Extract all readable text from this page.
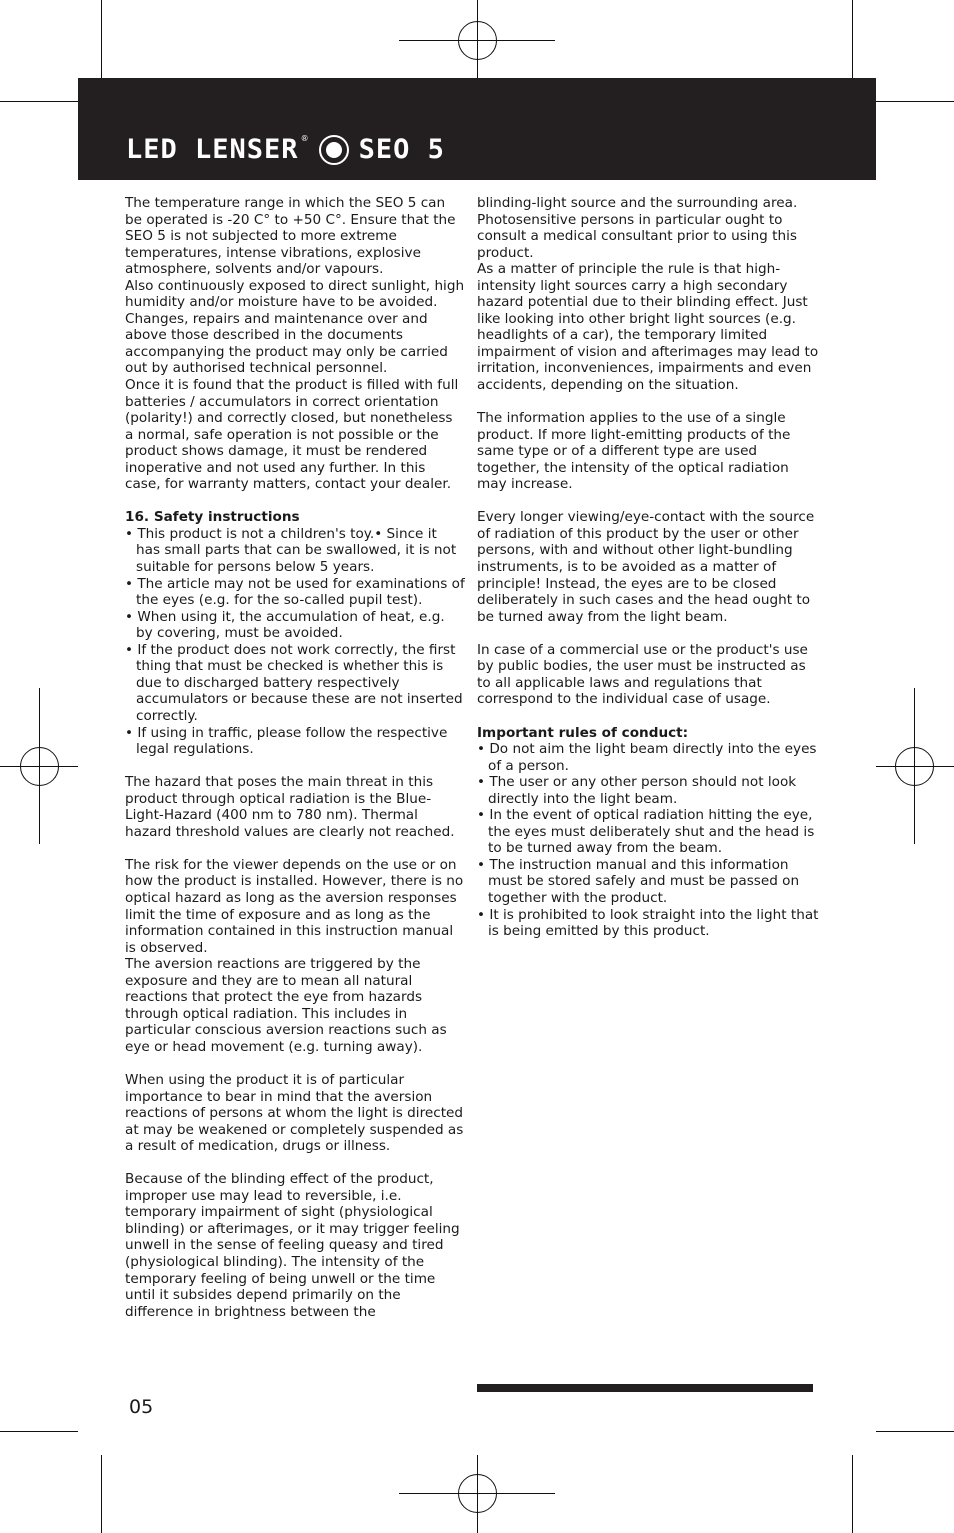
LED LENSER ® SEO 5

The temperature range in which the SEO 5 can be operated is -20 C° to +50 C°. Ensure that the SEO 5 is not subjected to more extreme temperatures, intense vibrations, explosive atmosphere, solvents and/or vapours.

Also continuously exposed to direct sunlight, high humidity and/or moisture have to be avoided.

Changes, repairs and maintenance over and above those described in the documents accompanying the product may only be carried out by authorised technical personnel.

Once it is found that the product is filled with full batteries / accumulators in correct orientation (polarity!) and correctly closed, but nonetheless a normal, safe operation is not possible or the product shows damage, it must be rendered inoperative and not used any further. In this case, for warranty matters, contact your dealer.

16. Safety instructions

• This product is not a children's toy.• Since it has small parts that can be swallowed, it is not suitable for persons below 5 years.
• The article may not be used for examinations of the eyes (e.g. for the so-called pupil test).
• When using it, the accumulation of heat, e.g. by covering, must be avoided.
• If the product does not work correctly, the first thing that must be checked is whether this is due to discharged battery respectively accumulators or because these are not inserted correctly.
• If using in traffic, please follow the respective legal regulations.

The hazard that poses the main threat in this product through optical radiation is the Blue-Light-Hazard (400 nm to 780 nm). Thermal hazard threshold values are clearly not reached.

The risk for the viewer depends on the use or on how the product is installed. However, there is no optical hazard as long as the aversion responses limit the time of exposure and as long as the information contained in this instruction manual is observed.

The aversion reactions are triggered by the exposure and they are to mean all natural reactions that protect the eye from hazards through optical radiation. This includes in particular conscious aversion reactions such as eye or head movement (e.g. turning away).

When using the product it is of particular importance to bear in mind that the aversion reactions of persons at whom the light is directed at may be weakened or completely suspended as a result of medication, drugs or illness.

Because of the blinding effect of the product, improper use may lead to reversible, i.e. temporary impairment of sight (physiological blinding) or afterimages, or it may trigger feeling unwell in the sense of feeling queasy and tired (physiological blinding). The intensity of the temporary feeling of being unwell or the time until it subsides depend primarily on the difference in brightness between the

blinding-light source and the surrounding area. Photosensitive persons in particular ought to consult a medical consultant prior to using this product.

As a matter of principle the rule is that high-intensity light sources carry a high secondary hazard potential due to their blinding effect. Just like looking into other bright light sources (e.g. headlights of a car), the temporary limited impairment of vision and afterimages may lead to irritation, inconveniences, impairments and even accidents, depending on the situation.

The information applies to the use of a single product. If more light-emitting products of the same type or of a different type are used together, the intensity of the optical radiation may increase.

Every longer viewing/eye-contact with the source of radiation of this product by the user or other persons, with and without other light-bundling instruments, is to be avoided as a matter of principle! Instead, the eyes are to be closed deliberately in such cases and the head ought to be turned away from the light beam.

In case of a commercial use or the product's use by public bodies, the user must be instructed as to all applicable laws and regulations that correspond to the individual case of usage.

Important rules of conduct:

• Do not aim the light beam directly into the eyes of a person.
• The user or any other person should not look directly into the light beam.
• In the event of optical radiation hitting the eye, the eyes must deliberately shut and the head is to be turned away from the beam.
• The instruction manual and this information must be stored safely and must be passed on together with the product.
• It is prohibited to look straight into the light that is being emitted by this product.
05
